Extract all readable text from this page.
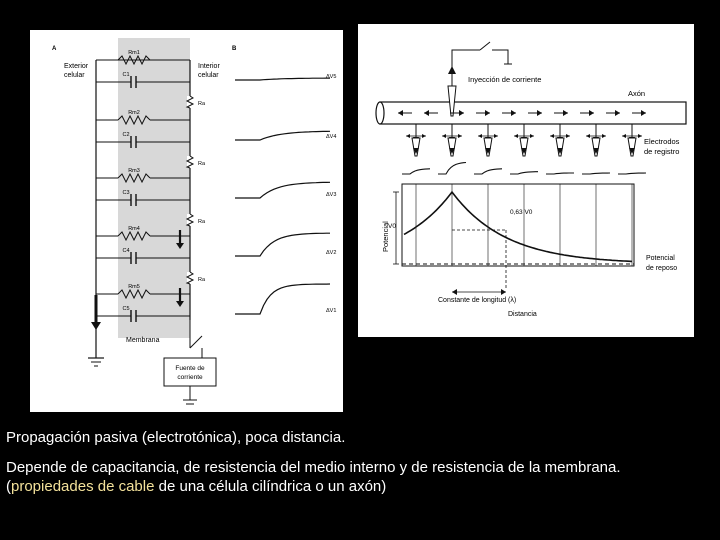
A	B
Exterior
celular
Interior
celular
Rm1
C1
Ra
Rm2
C2
Ra
Rm3
C3
Ra
Rm4
C4
Ra
Rm5
C5
Membrana
Fuente de
corriente
ΔV5
ΔV4
ΔV3
ΔV2
ΔV1
Inyección de corriente
Axón
Electrodos
de registro
0,63 V0
V0
Potencial
Potencial
de reposo
Constante de longitud (λ)
Distancia
Propagación pasiva (electrotónica), poca distancia.
Depende de capacitancia, de resistencia del medio interno y de resistencia de la membrana.
(propiedades de cable de una célula cilíndrica o un axón)
